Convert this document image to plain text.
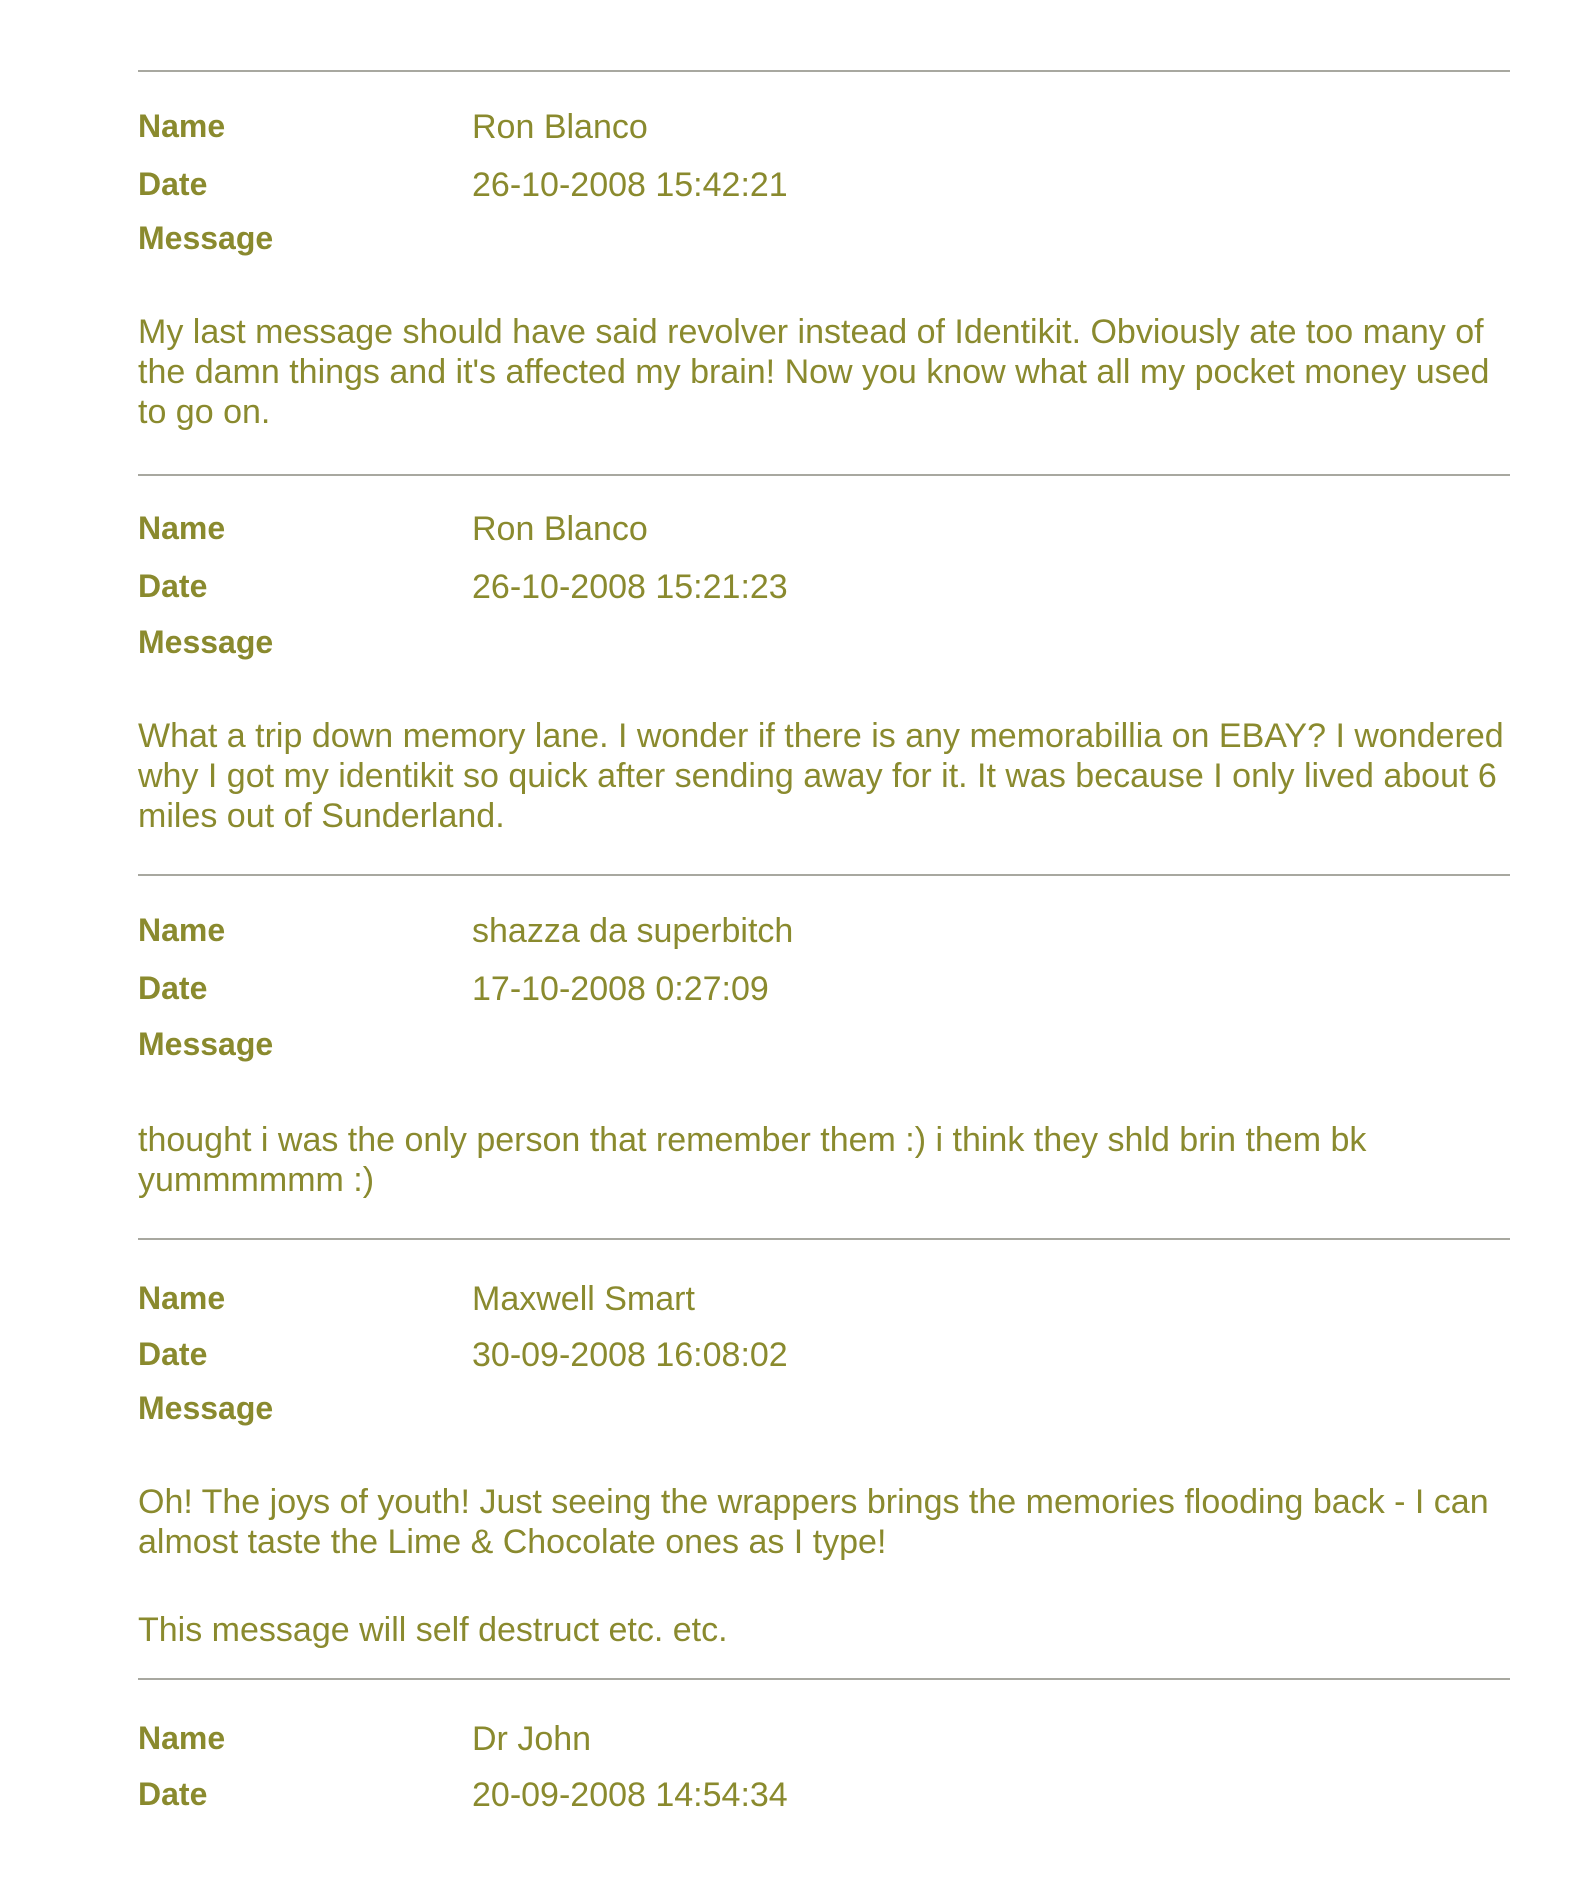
Name	Ron Blanco
Date	26-10-2008 15:42:21
Message
My last message should have said revolver instead of Identikit. Obviously ate too many of the damn things and it's affected my brain! Now you know what all my pocket money used to go on.
Name	Ron Blanco
Date	26-10-2008 15:21:23
Message
What a trip down memory lane. I wonder if there is any memorabillia on EBAY? I wondered why I got my identikit so quick after sending away for it. It was because I only lived about 6 miles out of Sunderland.
Name	shazza da superbitch
Date	17-10-2008 0:27:09
Message
thought i was the only person that remember them :) i think they shld brin them bk yummmmmm :)
Name	Maxwell Smart
Date	30-09-2008 16:08:02
Message
Oh! The joys of youth! Just seeing the wrappers brings the memories flooding back - I can almost taste the Lime & Chocolate ones as I type!
This message will self destruct etc. etc.
Name	Dr John
Date	20-09-2008 14:54:34
